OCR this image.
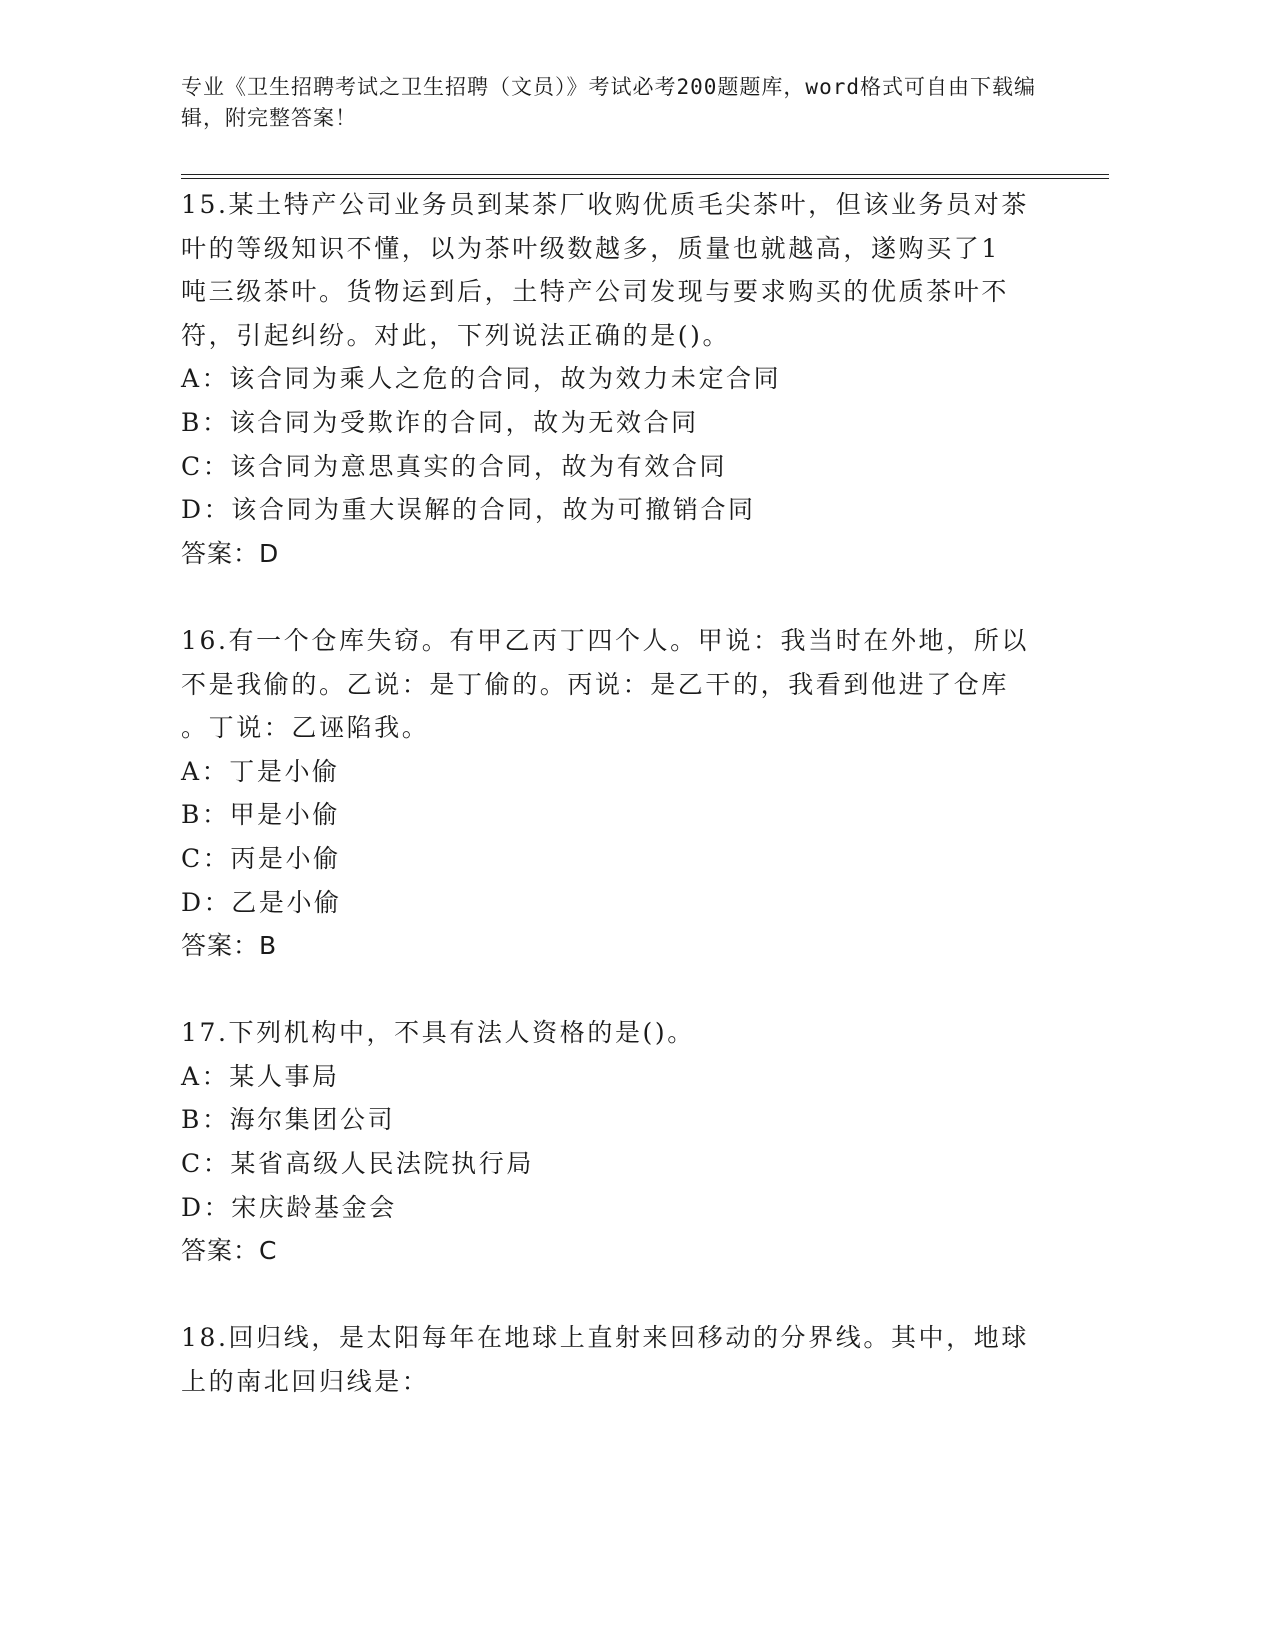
专业《卫生招聘考试之卫生招聘（文员）》考试必考200题题库，word格式可自由下载编辑，附完整答案！
15.某土特产公司业务员到某茶厂收购优质毛尖茶叶，但该业务员对茶
叶的等级知识不懂，以为茶叶级数越多，质量也就越高，遂购买了1
吨三级茶叶。货物运到后，土特产公司发现与要求购买的优质茶叶不
符，引起纠纷。对此，下列说法正确的是()。
A：该合同为乘人之危的合同，故为效力未定合同
B：该合同为受欺诈的合同，故为无效合同
C：该合同为意思真实的合同，故为有效合同
D：该合同为重大误解的合同，故为可撤销合同
答案：D
16.有一个仓库失窃。有甲乙丙丁四个人。甲说：我当时在外地，所以
不是我偷的。乙说：是丁偷的。丙说：是乙干的，我看到他进了仓库
。丁说：乙诬陷我。
A：丁是小偷
B：甲是小偷
C：丙是小偷
D：乙是小偷
答案：B
17.下列机构中，不具有法人资格的是()。
A：某人事局
B：海尔集团公司
C：某省高级人民法院执行局
D：宋庆龄基金会
答案：C
18.回归线，是太阳每年在地球上直射来回移动的分界线。其中，地球
上的南北回归线是：
